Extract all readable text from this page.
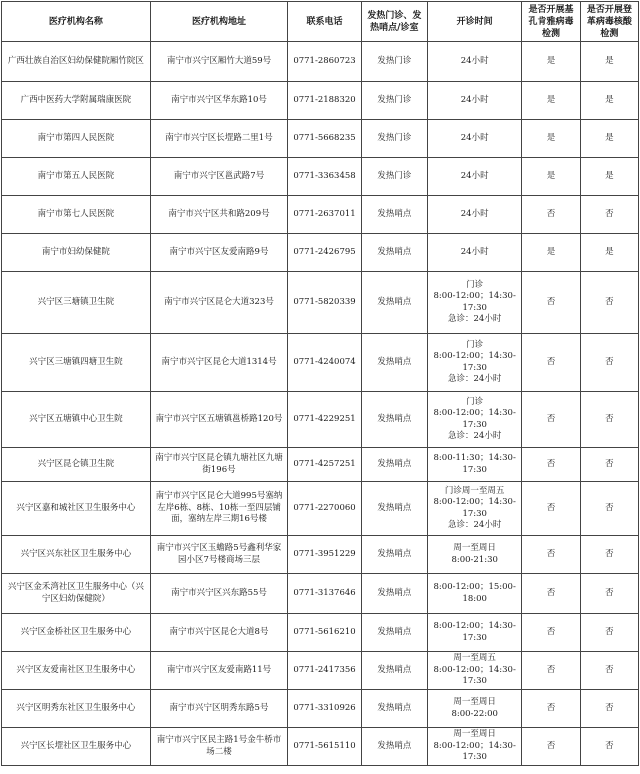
医疗机构名称	医疗机构地址	联系电话	发热门诊、发热哨点/诊室	开诊时间	是否开展基孔肯雅病毒检测	是否开展登革病毒核酸检测
广西壮族自治区妇幼保健院厢竹院区	南宁市兴宁区厢竹大道59号	0771-2860723	发热门诊	24小时	是	是
广西中医药大学附属瑞康医院	南宁市兴宁区华东路10号	0771-2188320	发热门诊	24小时	是	是
南宁市第四人民医院	南宁市兴宁区长堽路二里1号	0771-5668235	发热门诊	24小时	是	是
南宁市第五人民医院	南宁市兴宁区邕武路7号	0771-3363458	发热门诊	24小时	是	是
南宁市第七人民医院	南宁市兴宁区共和路209号	0771-2637011	发热哨点	24小时	否	否
南宁市妇幼保健院	南宁市兴宁区友爱南路9号	0771-2426795	发热哨点	24小时	是	是
兴宁区三塘镇卫生院	南宁市兴宁区昆仑大道323号	0771-5820339	发热哨点	门诊
8:00-12:00；14:30-17:30
急诊：24小时	否	否
兴宁区三塘镇四塘卫生院	南宁市兴宁区昆仑大道1314号	0771-4240074	发热哨点	门诊
8:00-12:00；14:30-17:30
急诊：24小时	否	否
兴宁区五塘镇中心卫生院	南宁市兴宁区五塘镇邕桥路120号	0771-4229251	发热哨点	门诊
8:00-12:00；14:30-17:30
急诊：24小时	否	否
兴宁区昆仑镇卫生院	南宁市兴宁区昆仑镇九塘社区九塘街196号	0771-4257251	发热哨点	8:00-11:30；14:30-17:30	否	否
兴宁区嘉和城社区卫生服务中心	南宁市兴宁区昆仑大道995号塞纳左岸6栋、8栋、10栋一至四层铺面，塞纳左岸三期16号楼	0771-2270060	发热哨点	门诊周一至周五
8:00-12:00；14:30-17:30
急诊：24小时	否	否
兴宁区兴东社区卫生服务中心	南宁市兴宁区玉蟾路5号鑫利华家园小区7号楼商场三层	0771-3951229	发热哨点	周一至周日
8:00-21:30	否	否
兴宁区金禾湾社区卫生服务中心（兴宁区妇幼保健院）	南宁市兴宁区兴东路55号	0771-3137646	发热哨点	8:00-12:00；15:00-18:00	否	否
兴宁区金桥社区卫生服务中心	南宁市兴宁区昆仑大道8号	0771-5616210	发热哨点	8:00-12:00；14:30-17:30	否	否
兴宁区友爱南社区卫生服务中心	南宁市兴宁区友爱南路11号	0771-2417356	发热哨点	周一至周五
8:00-12:00；14:30-17:30	否	否
兴宁区明秀东社区卫生服务中心	南宁市兴宁区明秀东路5号	0771-3310926	发热哨点	周一至周日
8:00-22:00	否	否
兴宁区长堽社区卫生服务中心	南宁市兴宁区民主路1号金牛桥市场二楼	0771-5615110	发热哨点	周一至周日
8:00-12:00；14:30-17:30	否	否
